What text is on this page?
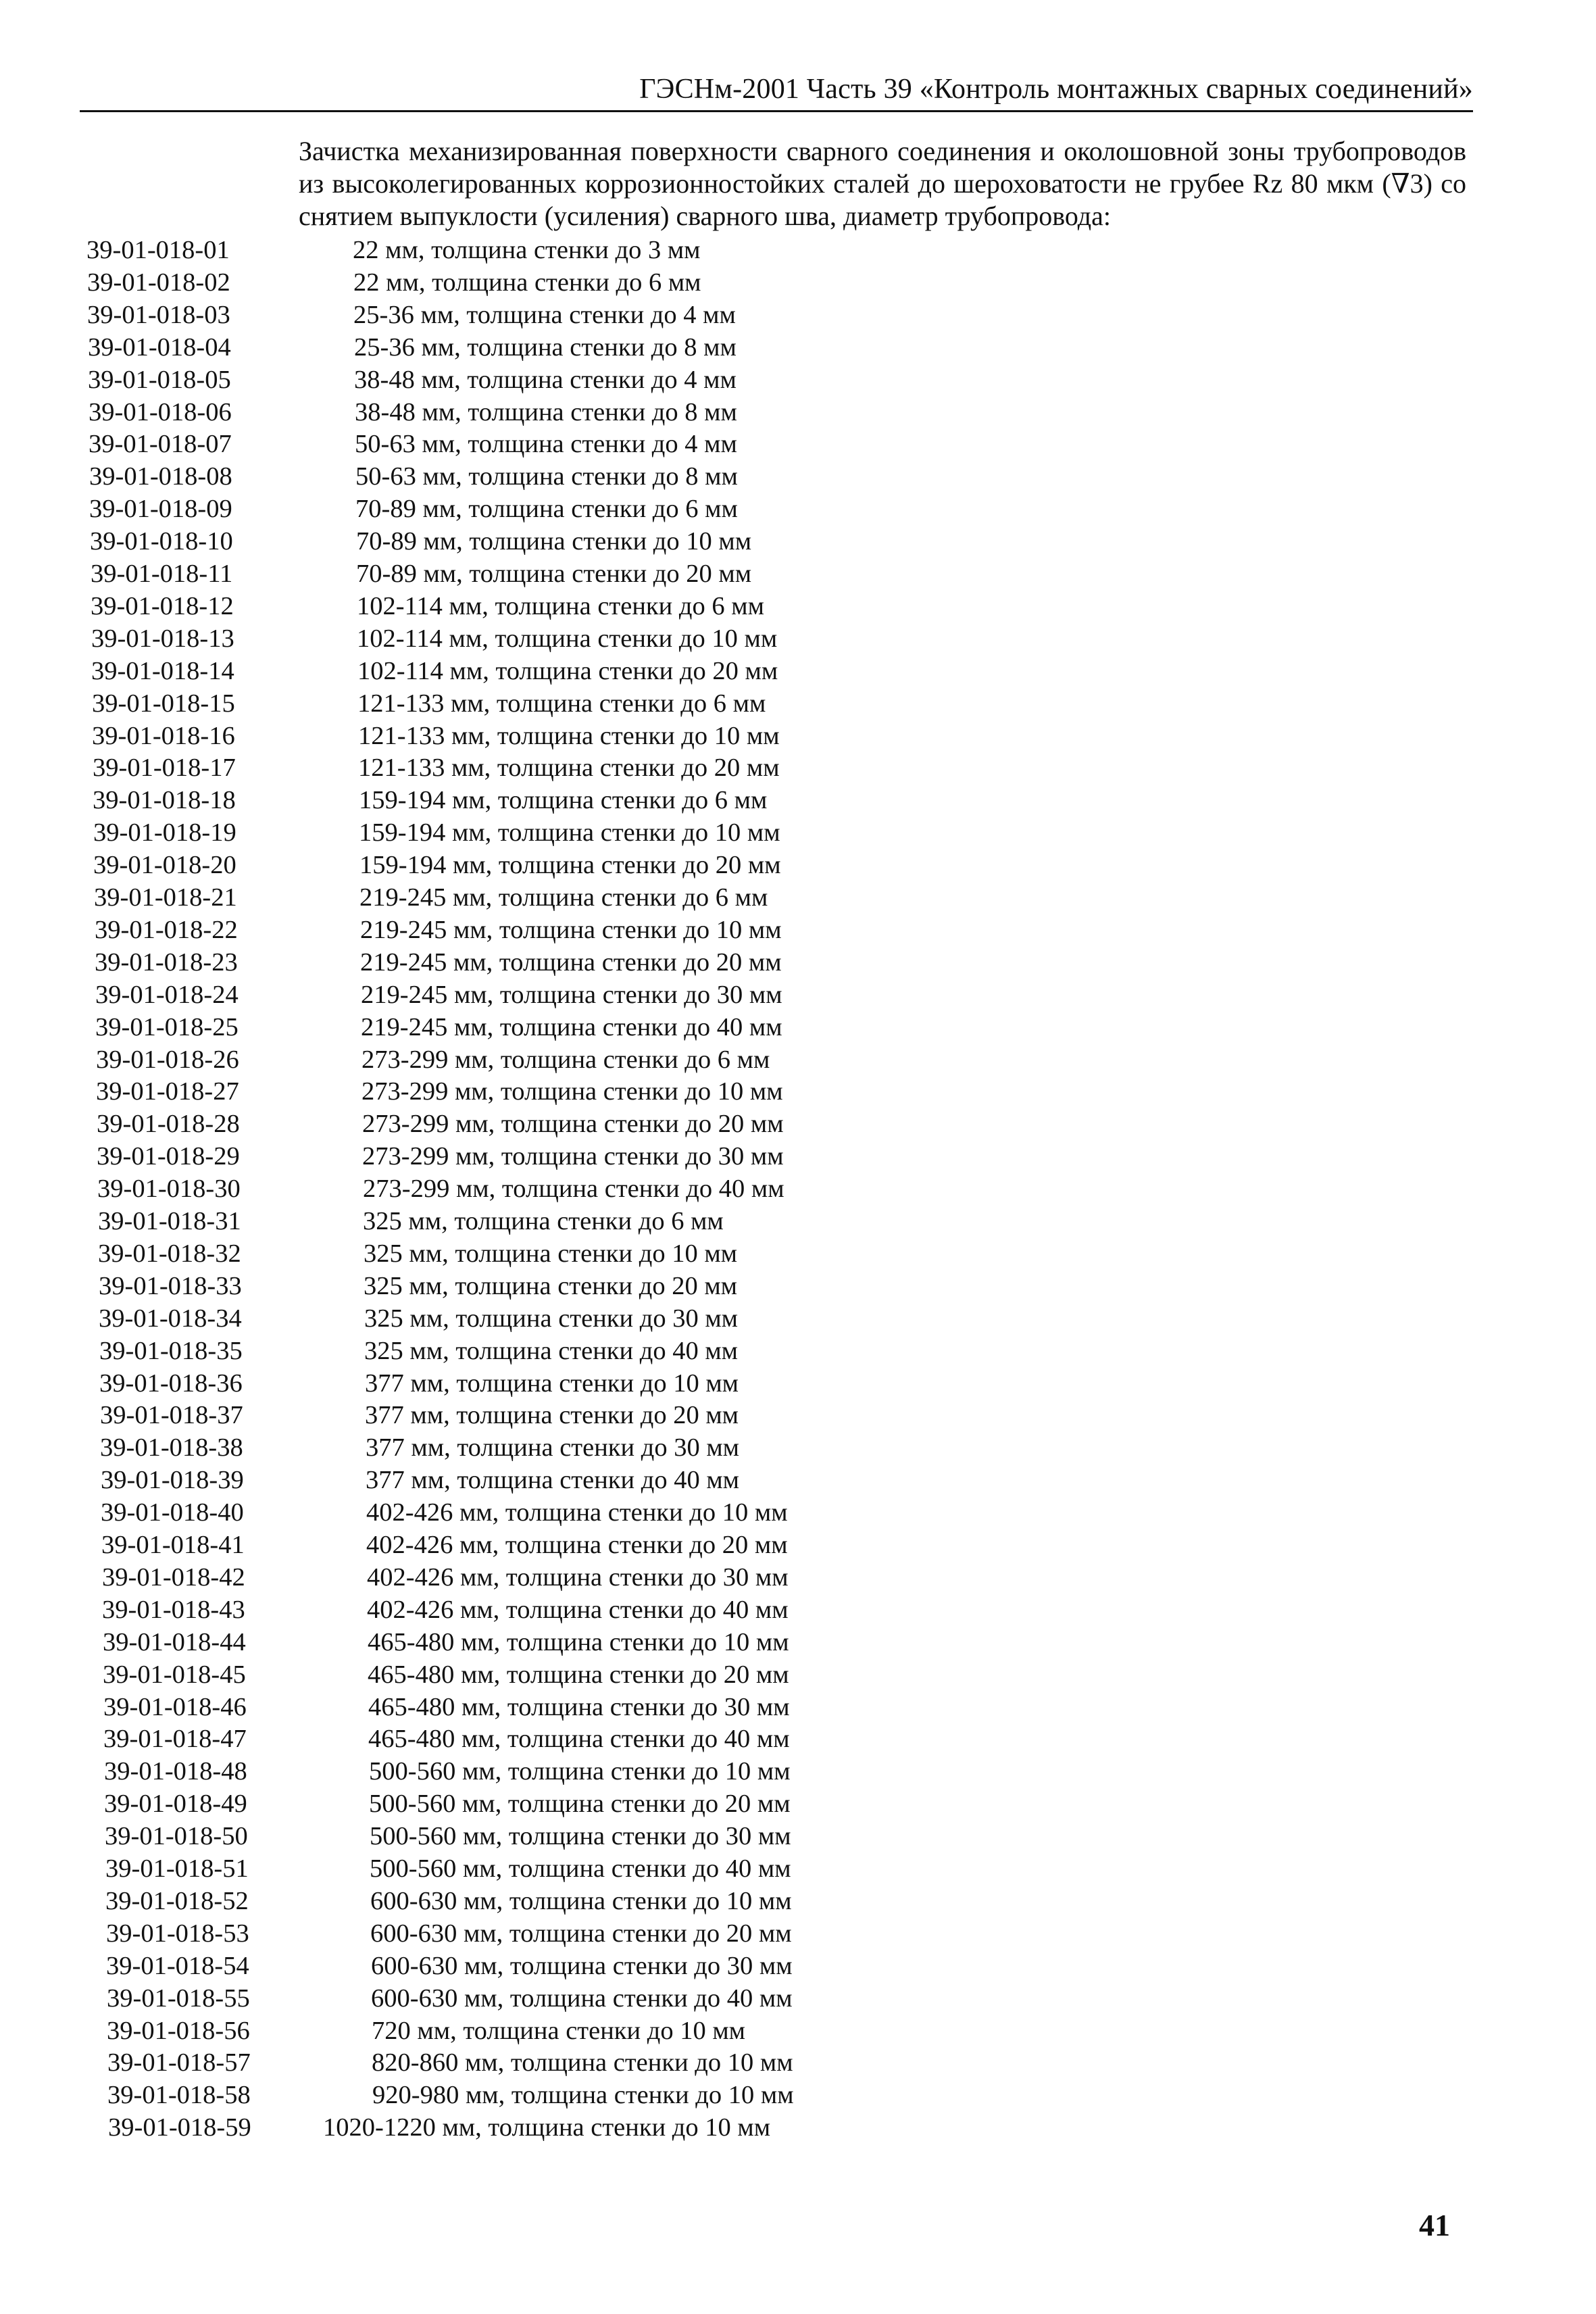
ГЭСНм-2001 Часть 39 «Контроль монтажных сварных соединений»
Зачистка механизированная поверхности сварного соединения и околошовной зоны трубопроводов из высоколегированных коррозионностойких сталей до шероховатости не грубее Rz 80 мкм (∇3) со снятием выпуклости (усиления) сварного шва, диаметр трубопровода:
39-01-018-01	22 мм, толщина стенки до 3 мм
39-01-018-02	22 мм, толщина стенки до 6 мм
39-01-018-03	25-36 мм, толщина стенки до 4 мм
39-01-018-04	25-36 мм, толщина стенки до 8 мм
39-01-018-05	38-48 мм, толщина стенки до 4 мм
39-01-018-06	38-48 мм, толщина стенки до 8 мм
39-01-018-07	50-63 мм, толщина стенки до 4 мм
39-01-018-08	50-63 мм, толщина стенки до 8 мм
39-01-018-09	70-89 мм, толщина стенки до 6 мм
39-01-018-10	70-89 мм, толщина стенки до 10 мм
39-01-018-11	70-89 мм, толщина стенки до 20 мм
39-01-018-12	102-114 мм, толщина стенки до 6 мм
39-01-018-13	102-114 мм, толщина стенки до 10 мм
39-01-018-14	102-114 мм, толщина стенки до 20 мм
39-01-018-15	121-133 мм, толщина стенки до 6 мм
39-01-018-16	121-133 мм, толщина стенки до 10 мм
39-01-018-17	121-133 мм, толщина стенки до 20 мм
39-01-018-18	159-194 мм, толщина стенки до 6 мм
39-01-018-19	159-194 мм, толщина стенки до 10 мм
39-01-018-20	159-194 мм, толщина стенки до 20 мм
39-01-018-21	219-245 мм, толщина стенки до 6 мм
39-01-018-22	219-245 мм, толщина стенки до 10 мм
39-01-018-23	219-245 мм, толщина стенки до 20 мм
39-01-018-24	219-245 мм, толщина стенки до 30 мм
39-01-018-25	219-245 мм, толщина стенки до 40 мм
39-01-018-26	273-299 мм, толщина стенки до 6 мм
39-01-018-27	273-299 мм, толщина стенки до 10 мм
39-01-018-28	273-299 мм, толщина стенки до 20 мм
39-01-018-29	273-299 мм, толщина стенки до 30 мм
39-01-018-30	273-299 мм, толщина стенки до 40 мм
39-01-018-31	325 мм, толщина стенки до 6 мм
39-01-018-32	325 мм, толщина стенки до 10 мм
39-01-018-33	325 мм, толщина стенки до 20 мм
39-01-018-34	325 мм, толщина стенки до 30 мм
39-01-018-35	325 мм, толщина стенки до 40 мм
39-01-018-36	377 мм, толщина стенки до 10 мм
39-01-018-37	377 мм, толщина стенки до 20 мм
39-01-018-38	377 мм, толщина стенки до 30 мм
39-01-018-39	377 мм, толщина стенки до 40 мм
39-01-018-40	402-426 мм, толщина стенки до 10 мм
39-01-018-41	402-426 мм, толщина стенки до 20 мм
39-01-018-42	402-426 мм, толщина стенки до 30 мм
39-01-018-43	402-426 мм, толщина стенки до 40 мм
39-01-018-44	465-480 мм, толщина стенки до 10 мм
39-01-018-45	465-480 мм, толщина стенки до 20 мм
39-01-018-46	465-480 мм, толщина стенки до 30 мм
39-01-018-47	465-480 мм, толщина стенки до 40 мм
39-01-018-48	500-560 мм, толщина стенки до 10 мм
39-01-018-49	500-560 мм, толщина стенки до 20 мм
39-01-018-50	500-560 мм, толщина стенки до 30 мм
39-01-018-51	500-560 мм, толщина стенки до 40 мм
39-01-018-52	600-630 мм, толщина стенки до 10 мм
39-01-018-53	600-630 мм, толщина стенки до 20 мм
39-01-018-54	600-630 мм, толщина стенки до 30 мм
39-01-018-55	600-630 мм, толщина стенки до 40 мм
39-01-018-56	720 мм, толщина стенки до 10 мм
39-01-018-57	820-860 мм, толщина стенки до 10 мм
39-01-018-58	920-980 мм, толщина стенки до 10 мм
39-01-018-59	1020-1220 мм, толщина стенки до 10 мм
41
